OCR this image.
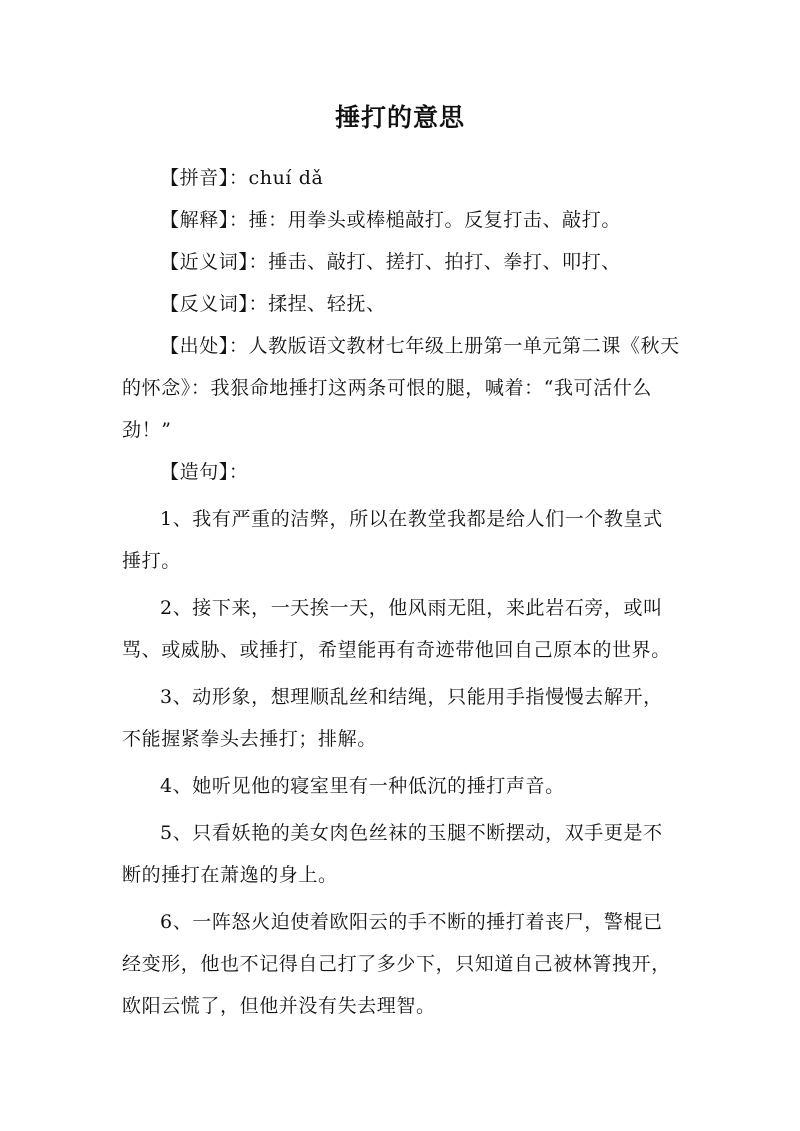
捶打的意思

【拼音】：chuí dǎ

【解释】：捶：用拳头或棒槌敲打。反复打击、敲打。

【近义词】：捶击、敲打、搓打、拍打、拳打、叩打、

【反义词】：揉捏、轻抚、

【出处】：人教版语文教材七年级上册第一单元第二课《秋天的怀念》：我狠命地捶打这两条可恨的腿，喊着：“我可活什么劲！”

【造句】：

1、我有严重的洁弊，所以在教堂我都是给人们一个教皇式捶打。

2、接下来，一天挨一天，他风雨无阻，来此岩石旁，或叫骂、或威胁、或捶打，希望能再有奇迹带他回自己原本的世界。

3、动形象，想理顺乱丝和结绳，只能用手指慢慢去解开，不能握紧拳头去捶打；排解。

4、她听见他的寝室里有一种低沉的捶打声音。

5、只看妖艳的美女肉色丝袜的玉腿不断摆动，双手更是不断的捶打在萧逸的身上。

6、一阵怒火迫使着欧阳云的手不断的捶打着丧尸，警棍已经变形，他也不记得自己打了多少下，只知道自己被林箐拽开，欧阳云慌了，但他并没有失去理智。
